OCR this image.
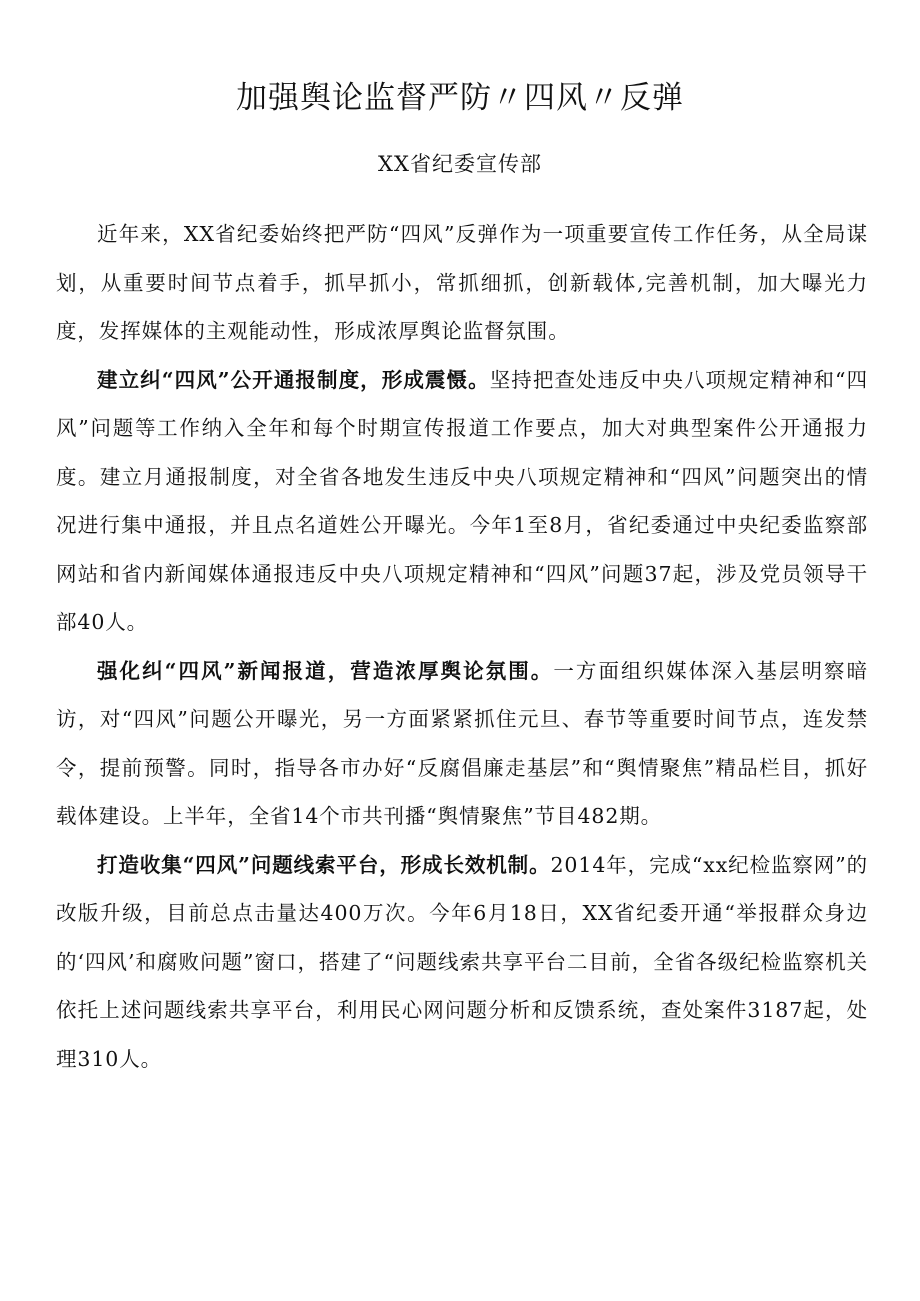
加强舆论监督严防〃四风〃反弹
XX省纪委宣传部

近年来，XX省纪委始终把严防“四风”反弹作为一项重要宣传工作任务，从全局谋划，从重要时间节点着手，抓早抓小，常抓细抓，创新载体,完善机制，加大曝光力度，发挥媒体的主观能动性，形成浓厚舆论监督氛围。

建立纠“四风”公开通报制度，形成震慑。坚持把查处违反中央八项规定精神和“四风”问题等工作纳入全年和每个时期宣传报道工作要点，加大对典型案件公开通报力度。建立月通报制度，对全省各地发生违反中央八项规定精神和“四风”问题突出的情况进行集中通报，并且点名道姓公开曝光。今年1至8月，省纪委通过中央纪委监察部网站和省内新闻媒体通报违反中央八项规定精神和“四风”问题37起，涉及党员领导干部40人。

强化纠“四风”新闻报道，营造浓厚舆论氛围。一方面组织媒体深入基层明察暗访，对“四风”问题公开曝光，另一方面紧紧抓住元旦、春节等重要时间节点，连发禁令，提前预警。同时，指导各市办好“反腐倡廉走基层”和“舆情聚焦”精品栏目，抓好载体建设。上半年，全省14个市共刊播“舆情聚焦”节目482期。

打造收集“四风”问题线索平台，形成长效机制。2014年，完成“xx纪检监察网”的改版升级，目前总点击量达400万次。今年6月18日，XX省纪委开通“举报群众身边的‘四风’和腐败问题”窗口，搭建了“问题线索共享平台二目前，全省各级纪检监察机关依托上述问题线索共享平台，利用民心网问题分析和反馈系统，查处案件3187起，处理310人。
